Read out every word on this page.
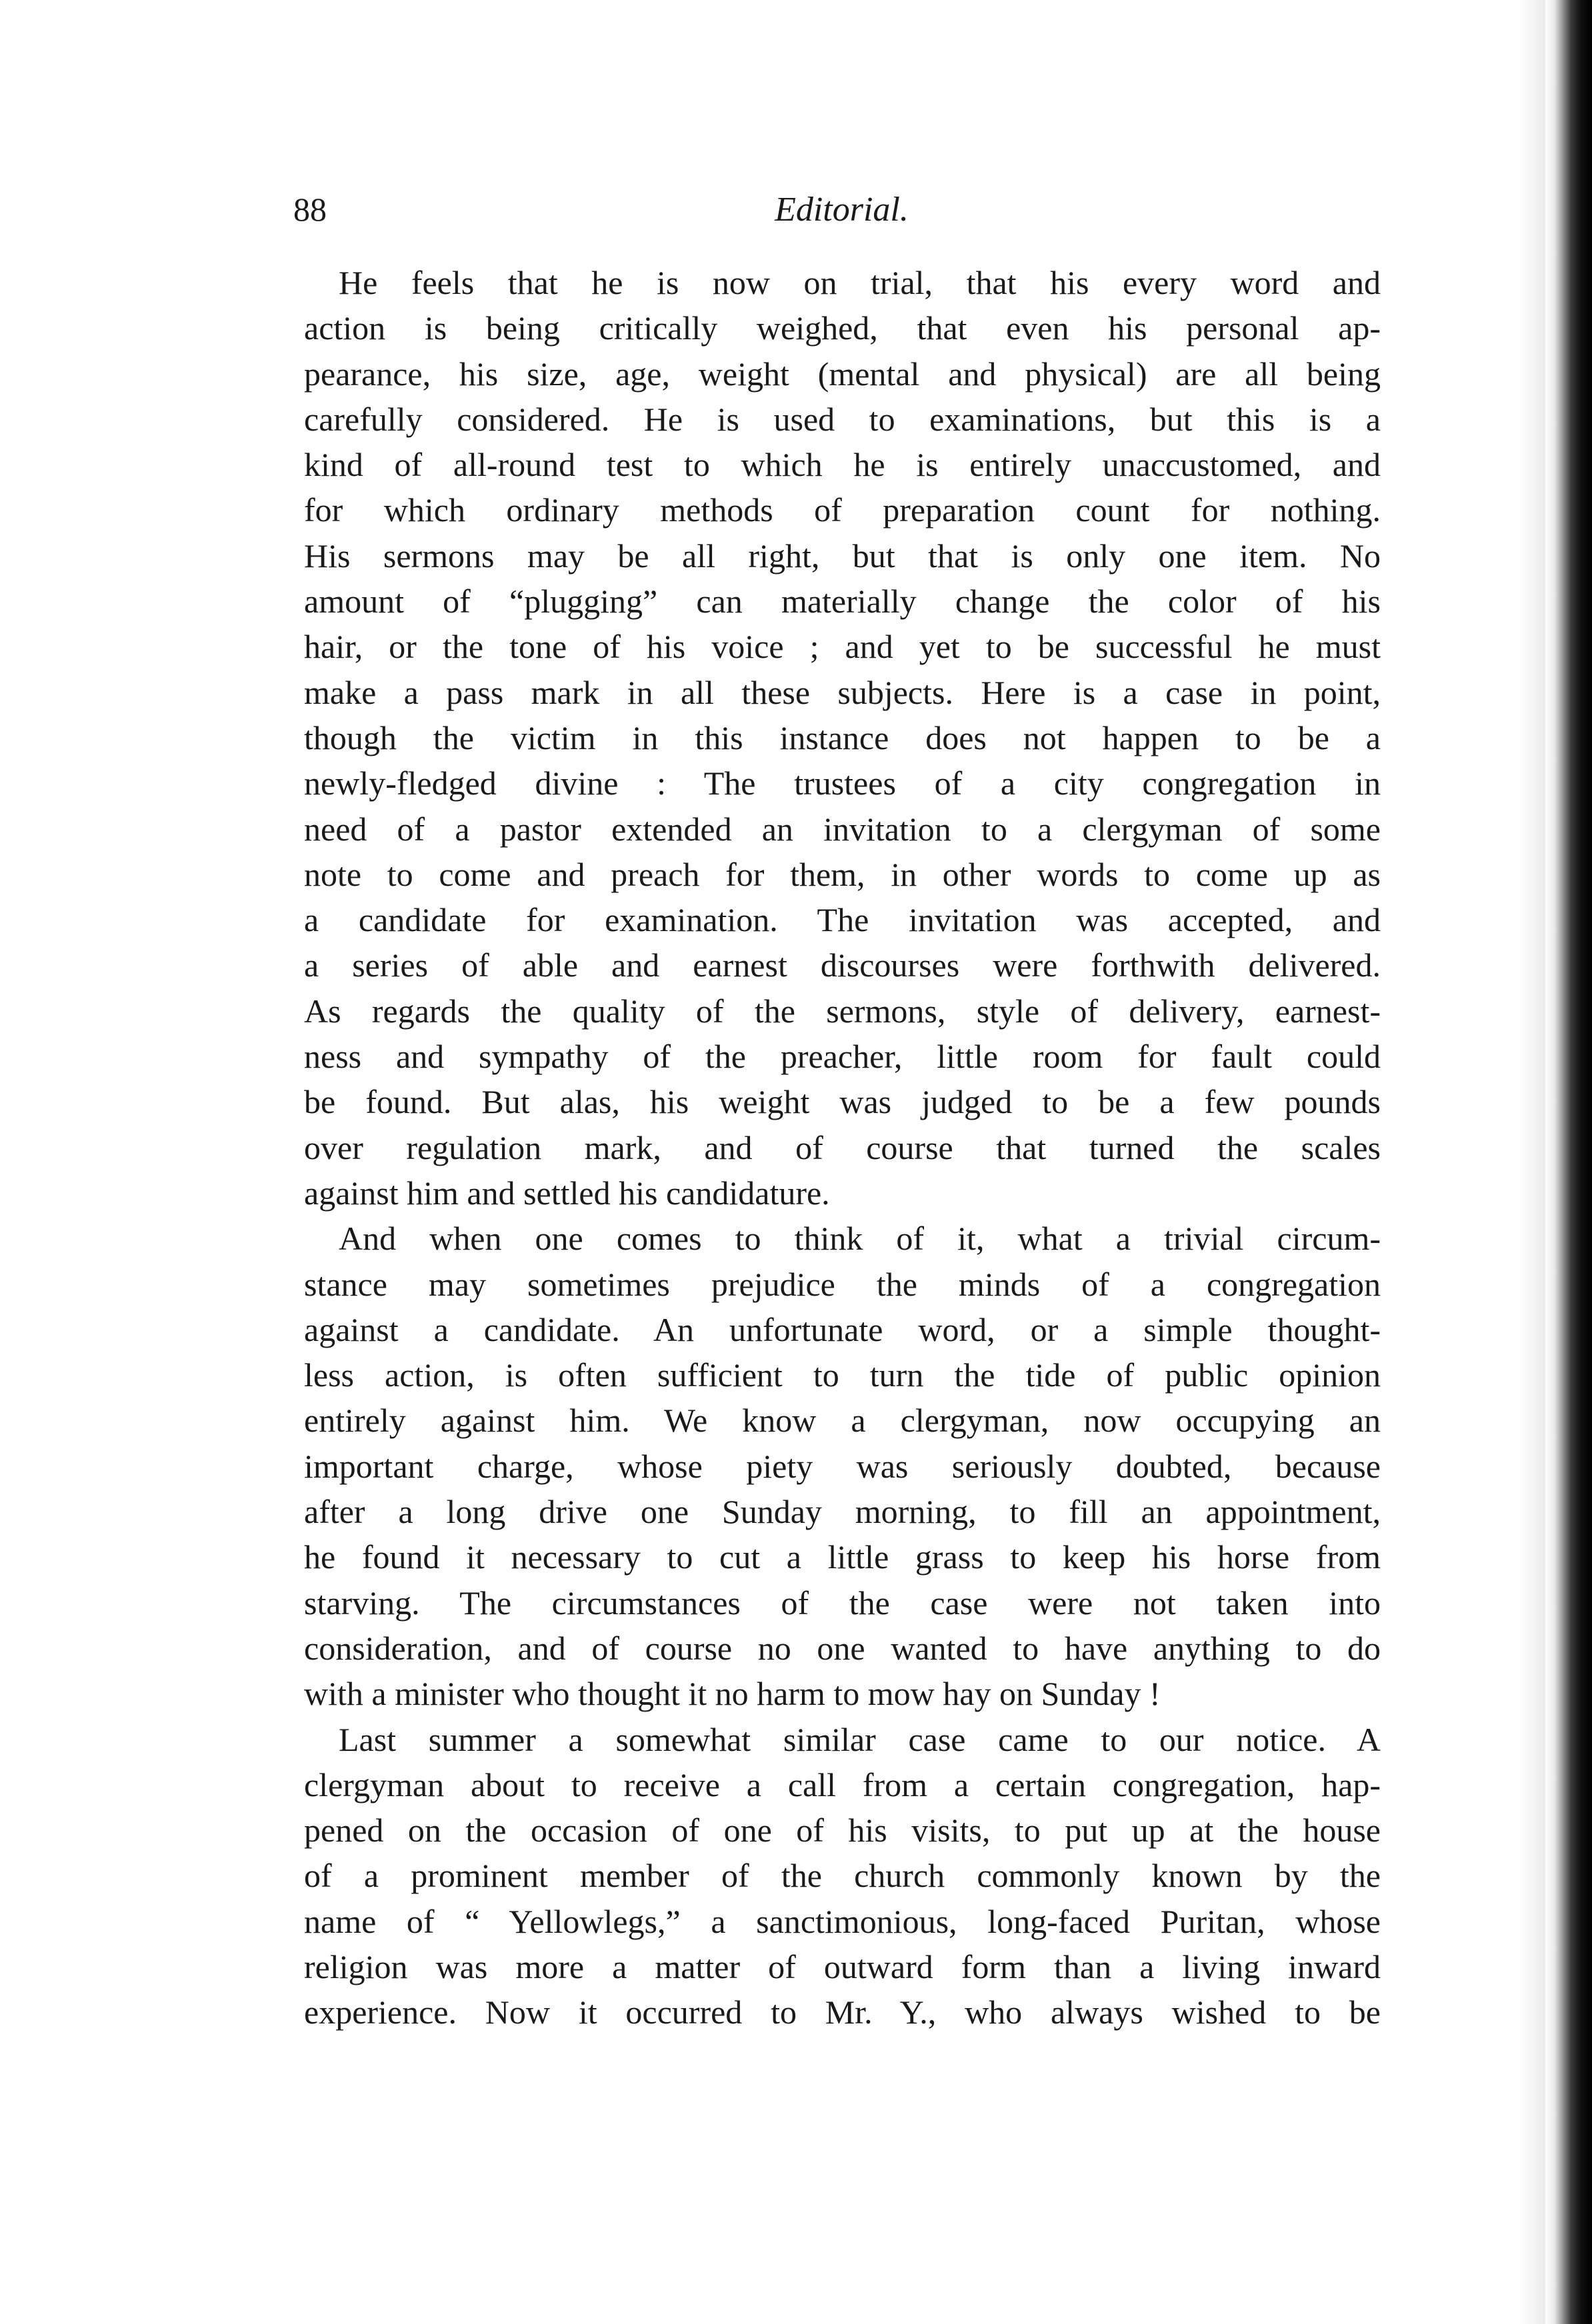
88	Editorial.
He feels that he is now on trial, that his every word and
action is being critically weighed, that even his personal ap-
pearance, his size, age, weight (mental and physical) are all being
carefully considered. He is used to examinations, but this is a
kind of all-round test to which he is entirely unaccustomed, and
for which ordinary methods of preparation count for nothing.
His sermons may be all right, but that is only one item. No
amount of “plugging” can materially change the color of his
hair, or the tone of his voice ; and yet to be successful he must
make a pass mark in all these subjects. Here is a case in point,
though the victim in this instance does not happen to be a
newly-fledged divine : The trustees of a city congregation in
need of a pastor extended an invitation to a clergyman of some
note to come and preach for them, in other words to come up as
a candidate for examination. The invitation was accepted, and
a series of able and earnest discourses were forthwith delivered.
As regards the quality of the sermons, style of delivery, earnest-
ness and sympathy of the preacher, little room for fault could
be found. But alas, his weight was judged to be a few pounds
over regulation mark, and of course that turned the scales
against him and settled his candidature.
And when one comes to think of it, what a trivial circum-
stance may sometimes prejudice the minds of a congregation
against a candidate. An unfortunate word, or a simple thought-
less action, is often sufficient to turn the tide of public opinion
entirely against him. We know a clergyman, now occupying an
important charge, whose piety was seriously doubted, because
after a long drive one Sunday morning, to fill an appointment,
he found it necessary to cut a little grass to keep his horse from
starving. The circumstances of the case were not taken into
consideration, and of course no one wanted to have anything to do
with a minister who thought it no harm to mow hay on Sunday !
Last summer a somewhat similar case came to our notice. A
clergyman about to receive a call from a certain congregation, hap-
pened on the occasion of one of his visits, to put up at the house
of a prominent member of the church commonly known by the
name of “ Yellowlegs,” a sanctimonious, long-faced Puritan, whose
religion was more a matter of outward form than a living inward
experience. Now it occurred to Mr. Y., who always wished to be
